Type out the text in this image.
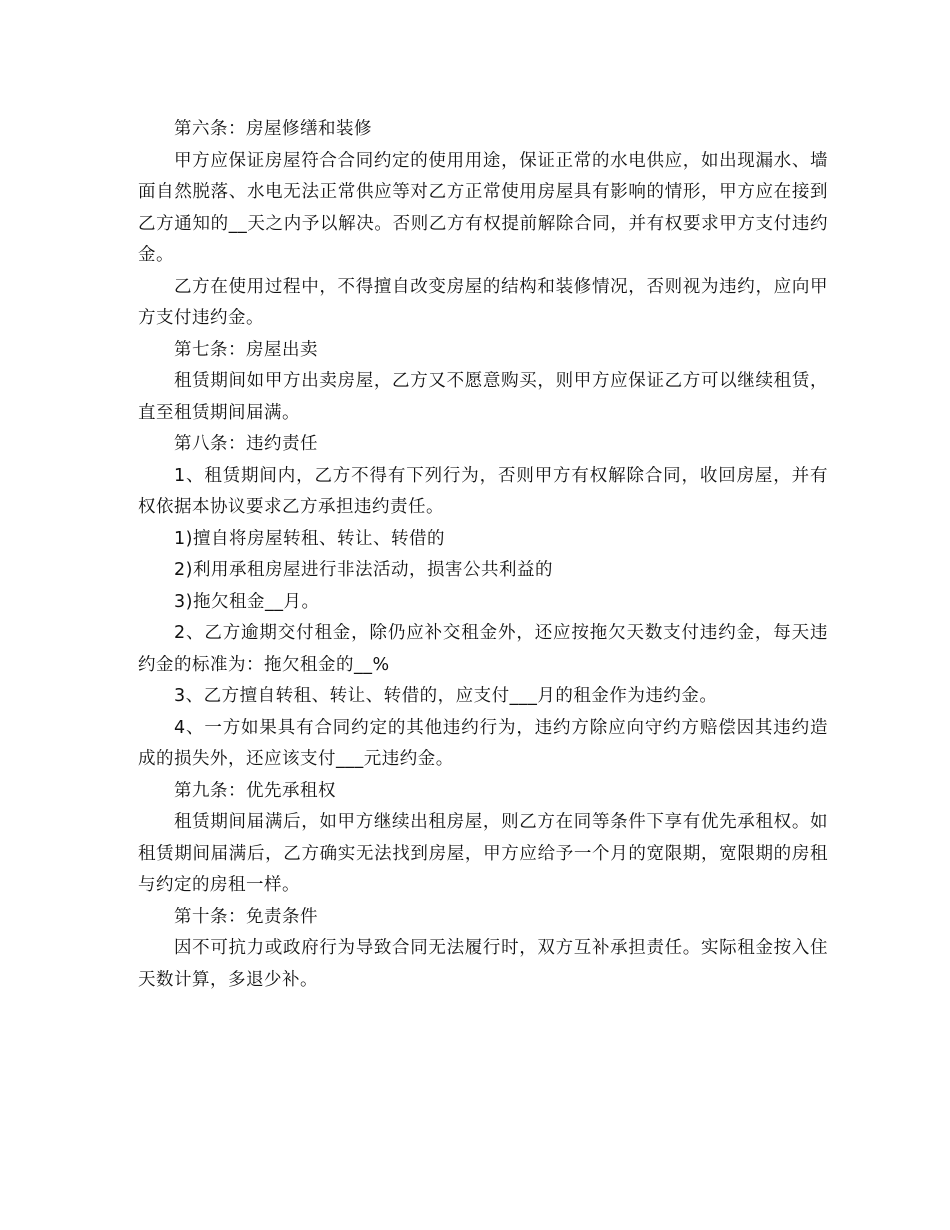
第六条：房屋修缮和装修

甲方应保证房屋符合合同约定的使用用途，保证正常的水电供应，如出现漏水、墙面自然脱落、水电无法正常供应等对乙方正常使用房屋具有影响的情形，甲方应在接到乙方通知的__天之内予以解决。否则乙方有权提前解除合同，并有权要求甲方支付违约金。

乙方在使用过程中，不得擅自改变房屋的结构和装修情况，否则视为违约，应向甲方支付违约金。

第七条：房屋出卖

租赁期间如甲方出卖房屋，乙方又不愿意购买，则甲方应保证乙方可以继续租赁，直至租赁期间届满。

第八条：违约责任

1、租赁期间内，乙方不得有下列行为，否则甲方有权解除合同，收回房屋，并有权依据本协议要求乙方承担违约责任。

1)擅自将房屋转租、转让、转借的

2)利用承租房屋进行非法活动，损害公共利益的

3)拖欠租金__月。

2、乙方逾期交付租金，除仍应补交租金外，还应按拖欠天数支付违约金，每天违约金的标准为：拖欠租金的__%

3、乙方擅自转租、转让、转借的，应支付___月的租金作为违约金。

4、一方如果具有合同约定的其他违约行为，违约方除应向守约方赔偿因其违约造成的损失外，还应该支付___元违约金。

第九条：优先承租权

租赁期间届满后，如甲方继续出租房屋，则乙方在同等条件下享有优先承租权。如租赁期间届满后，乙方确实无法找到房屋，甲方应给予一个月的宽限期，宽限期的房租与约定的房租一样。

第十条：免责条件

因不可抗力或政府行为导致合同无法履行时，双方互补承担责任。实际租金按入住天数计算，多退少补。
